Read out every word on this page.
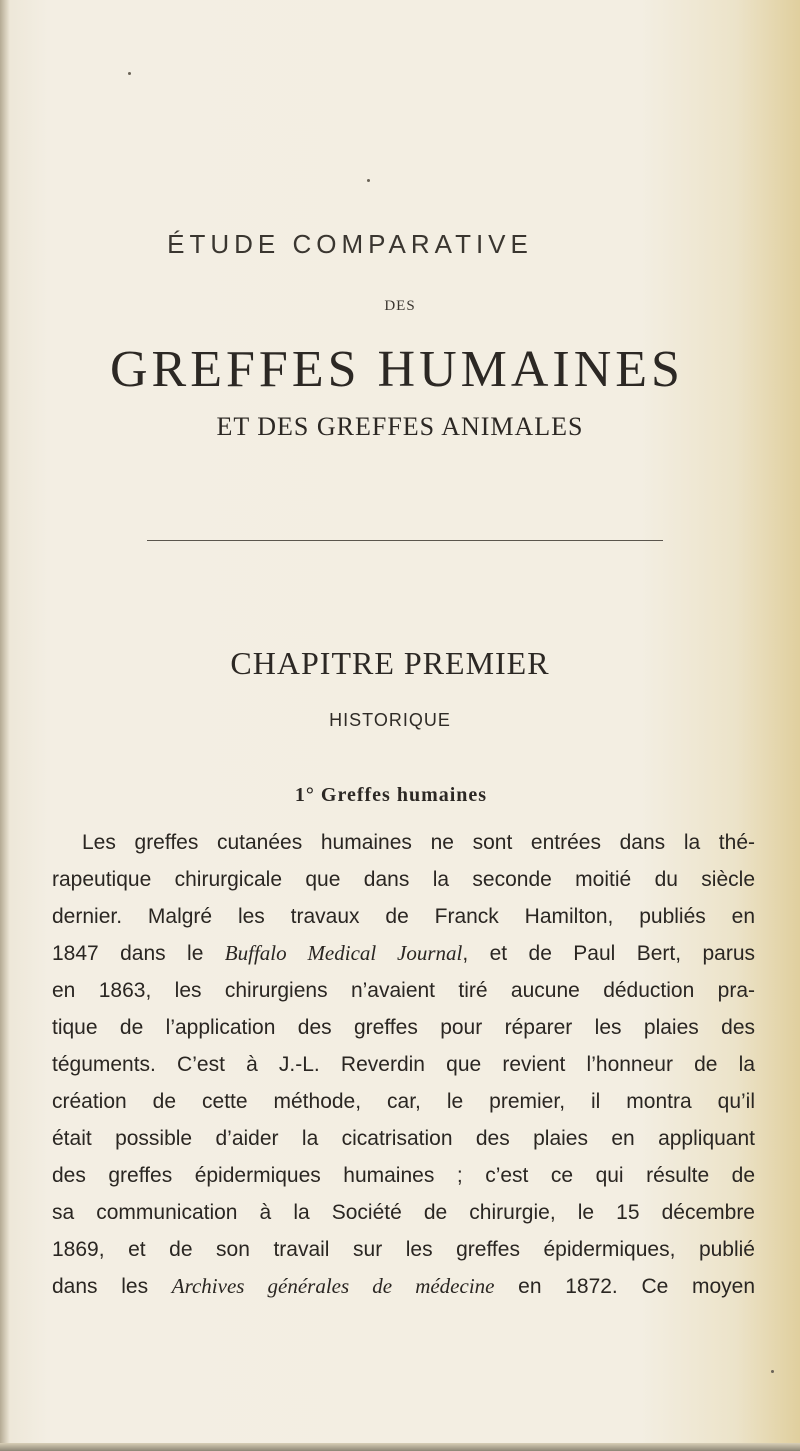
ÉTUDE COMPARATIVE
DES
GREFFES HUMAINES
ET DES GREFFES ANIMALES
CHAPITRE PREMIER
HISTORIQUE
1° Greffes humaines
Les greffes cutanées humaines ne sont entrées dans la thé-
rapeutique chirurgicale que dans la seconde moitié du siècle
dernier. Malgré les travaux de Franck Hamilton, publiés en
1847 dans le Buffalo Medical Journal, et de Paul Bert, parus
en 1863, les chirurgiens n’avaient tiré aucune déduction pra-
tique de l’application des greffes pour réparer les plaies des
téguments. C’est à J.-L. Reverdin que revient l’honneur de la
création de cette méthode, car, le premier, il montra qu’il
était possible d’aider la cicatrisation des plaies en appliquant
des greffes épidermiques humaines ; c’est ce qui résulte de
sa communication à la Société de chirurgie, le 15 décembre
1869, et de son travail sur les greffes épidermiques, publié
dans les Archives générales de médecine en 1872. Ce moyen
